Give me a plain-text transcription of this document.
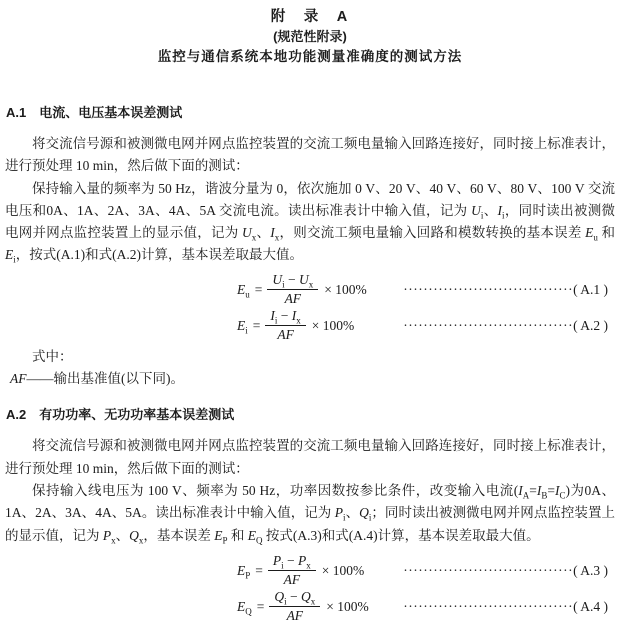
附　录　A
(规范性附录)
监控与通信系统本地功能测量准确度的测试方法
A.1 电流、电压基本误差测试

将交流信号源和被测微电网并网点监控装置的交流工频电量输入回路连接好，同时接上标准表计，进行预处理 10 min，然后做下面的测试：

保持输入量的频率为 50 Hz，谐波分量为 0，依次施加 0 V、20 V、40 V、60 V、80 V、100 V 交流电压和0A、1A、2A、3A、4A、5A 交流电流。读出标准表计中输入值，记为 $U_i$、$I_i$，同时读出被测微电网并网点监控装置上的显示值，记为 $U_x$、$I_x$，则交流工频电量输入回路和模数转换的基本误差 $E_u$ 和 $E_i$，按式(A.1)和式(A.2)计算，基本误差取最大值。

$E_u = \frac{U_i - U_x}{AF} \times 100\%$	·································· ( A.1 )
$E_i = \frac{I_i - I_x}{AF} \times 100\%$	·································· ( A.2 )

式中：

AF——输出基准值(以下同)。

A.2 有功功率、无功功率基本误差测试

将交流信号源和被测微电网并网点监控装置的交流工频电量输入回路连接好，同时接上标准表计，进行预处理 10 min，然后做下面的测试：

保持输入线电压为 100 V、频率为 50 Hz，功率因数按参比条件，改变输入电流$(I_A=I_B=I_C)$为0A、1A、2A、3A、4A、5A。读出标准表计中输入值，记为 $P_i$、$Q_i$；同时读出被测微电网并网点监控装置上的显示值，记为 $P_x$、$Q_x$，基本误差 $E_P$ 和 $E_Q$ 按式(A.3)和式(A.4)计算，基本误差取最大值。

$E_P = \frac{P_i - P_x}{AF} \times 100\%$	·································· ( A.3 )
$E_Q = \frac{Q_i - Q_x}{AF} \times 100\%$	·································· ( A.4 )
